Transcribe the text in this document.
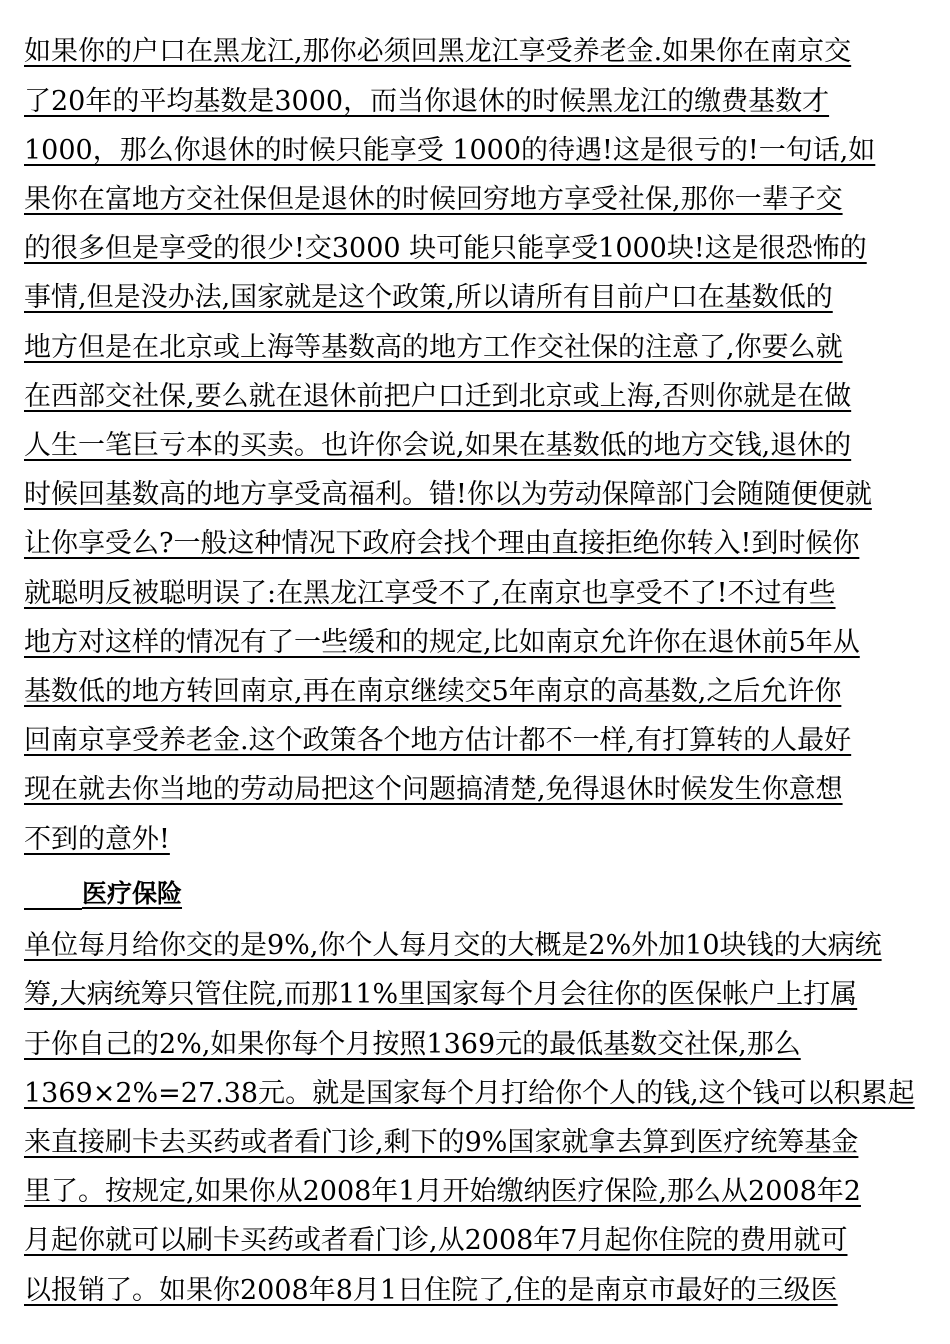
如果你的户口在黑龙江,那你必须回黑龙江享受养老金.如果你在南京交
了20年的平均基数是3000，而当你退休的时候黑龙江的缴费基数才
1000，那么你退休的时候只能享受 1000的待遇!这是很亏的!一句话,如
果你在富地方交社保但是退休的时候回穷地方享受社保,那你一辈子交
的很多但是享受的很少!交3000 块可能只能享受1000块!这是很恐怖的
事情,但是没办法,国家就是这个政策,所以请所有目前户口在基数低的
地方但是在北京或上海等基数高的地方工作交社保的注意了,你要么就
在西部交社保,要么就在退休前把户口迁到北京或上海,否则你就是在做
人生一笔巨亏本的买卖。也许你会说,如果在基数低的地方交钱,退休的
时候回基数高的地方享受高福利。错!你以为劳动保障部门会随随便便就
让你享受么?一般这种情况下政府会找个理由直接拒绝你转入!到时候你
就聪明反被聪明误了:在黑龙江享受不了,在南京也享受不了!不过有些
地方对这样的情况有了一些缓和的规定,比如南京允许你在退休前5年从
基数低的地方转回南京,再在南京继续交5年南京的高基数,之后允许你
回南京享受养老金.这个政策各个地方估计都不一样,有打算转的人最好
现在就去你当地的劳动局把这个问题搞清楚,免得退休时候发生你意想
不到的意外!
医疗保险
单位每月给你交的是9%,你个人每月交的大概是2%外加10块钱的大病统
筹,大病统筹只管住院,而那11%里国家每个月会往你的医保帐户上打属
于你自己的2%,如果你每个月按照1369元的最低基数交社保,那么
1369×2%=27.38元。就是国家每个月打给你个人的钱,这个钱可以积累起
来直接刷卡去买药或者看门诊,剩下的9%国家就拿去算到医疗统筹基金
里了。按规定,如果你从2008年1月开始缴纳医疗保险,那么从2008年2
月起你就可以刷卡买药或者看门诊,从2008年7月起你住院的费用就可
以报销了。如果你2008年8月1日住院了,住的是南京市最好的三级医
